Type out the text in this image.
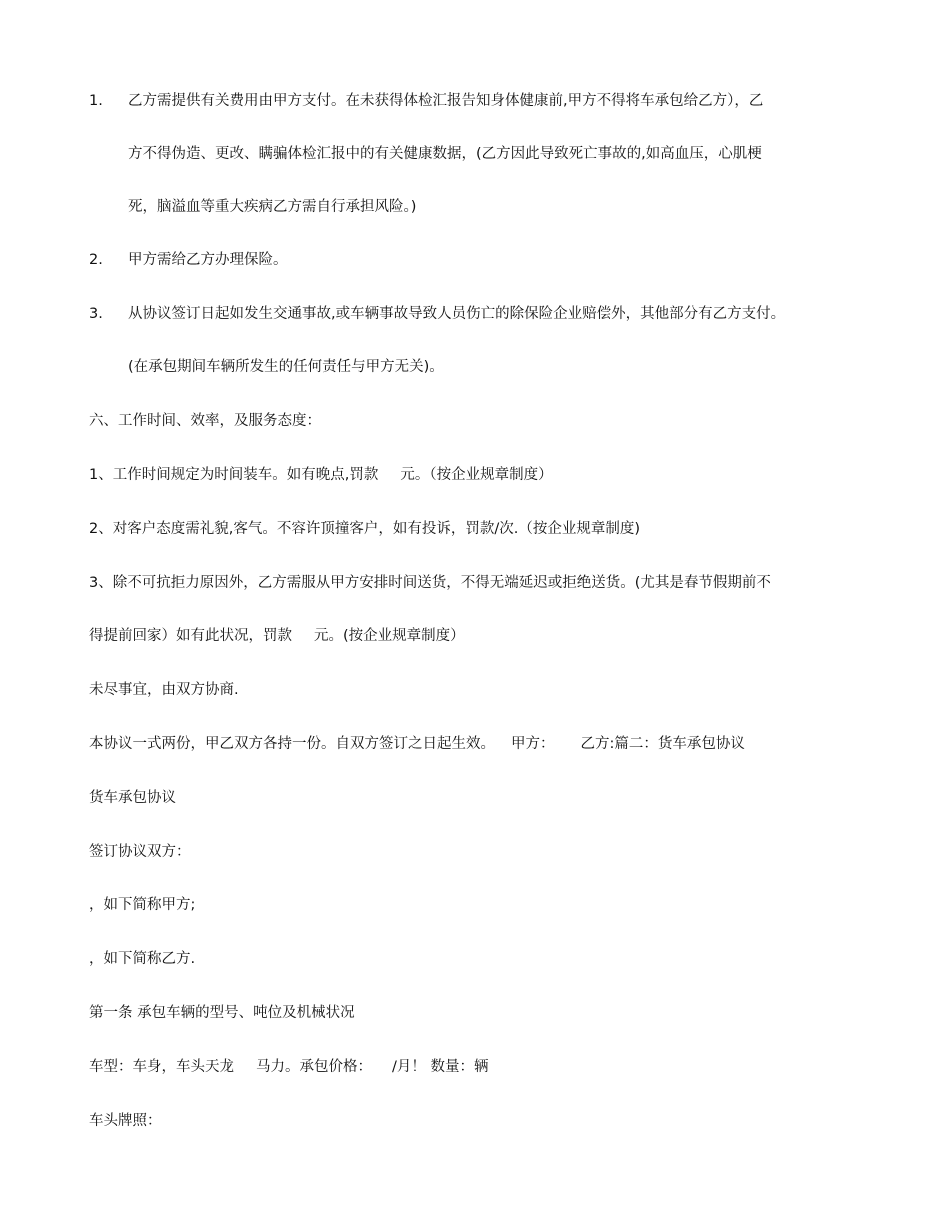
1. 乙方需提供有关费用由甲方支付。在未获得体检汇报告知身体健康前,甲方不得将车承包给乙方），乙
方不得伪造、更改、瞒骗体检汇报中的有关健康数据，(乙方因此导致死亡事故的,如高血压，心肌梗
死，脑溢血等重大疾病乙方需自行承担风险。)
2. 甲方需给乙方办理保险。
3. 从协议签订日起如发生交通事故,或车辆事故导致人员伤亡的除保险企业赔偿外，其他部分有乙方支付。
(在承包期间车辆所发生的任何责任与甲方无关)。
六、工作时间、效率，及服务态度：
1、工作时间规定为时间装车。如有晚点,罚款 元。（按企业规章制度）
2、对客户态度需礼貌,客气。不容许顶撞客户，如有投诉，罚款/次.（按企业规章制度)
3、除不可抗拒力原因外，乙方需服从甲方安排时间送货，不得无端延迟或拒绝送货。(尤其是春节假期前不
得提前回家）如有此状况，罚款 元。(按企业规章制度）
未尽事宜，由双方协商.
本协议一式两份，甲乙双方各持一份。自双方签订之日起生效。 甲方： 乙方:篇二：货车承包协议
货车承包协议
签订协议双方：
，如下简称甲方;
，如下简称乙方.
第一条 承包车辆的型号、吨位及机械状况
车型：车身，车头天龙 马力。承包价格： /月！ 数量：辆
车头牌照：
